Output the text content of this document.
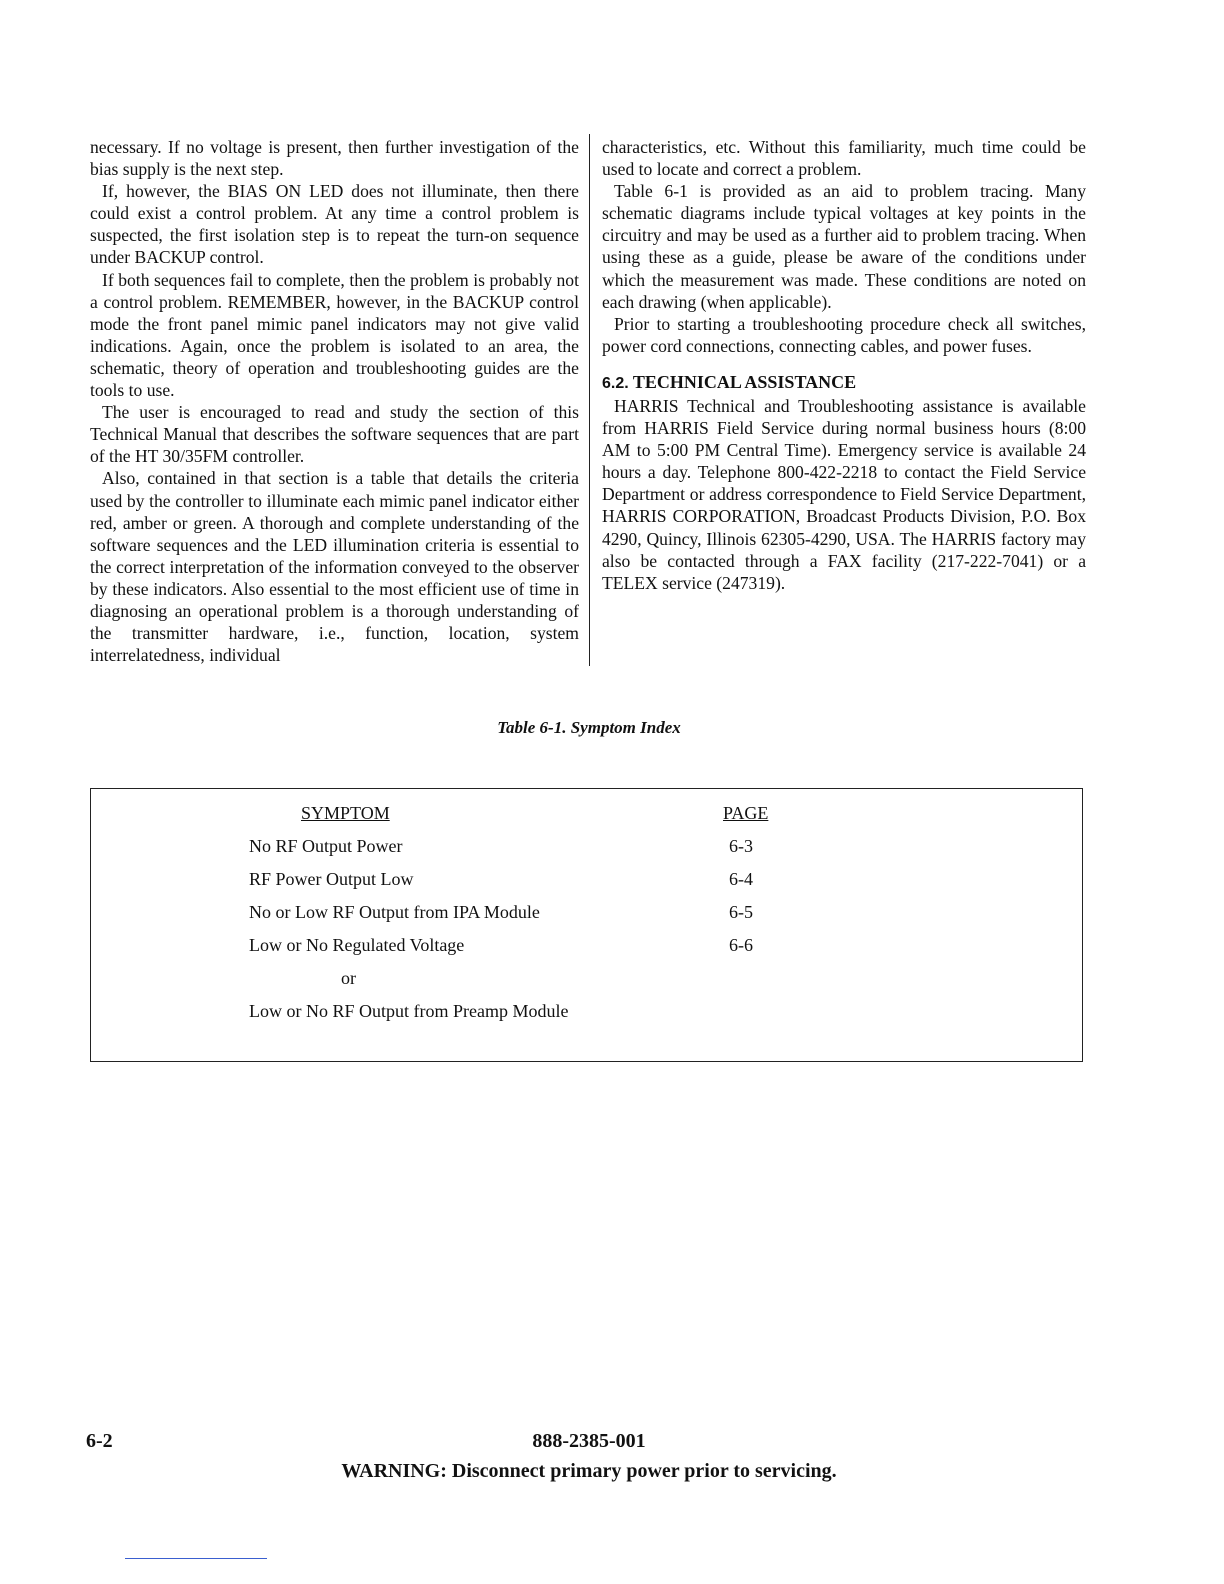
necessary. If no voltage is present, then further investigation of the bias supply is the next step.

If, however, the BIAS ON LED does not illuminate, then there could exist a control problem. At any time a control problem is suspected, the first isolation step is to repeat the turn-on sequence under BACKUP control.

If both sequences fail to complete, then the problem is probably not a control problem. REMEMBER, however, in the BACKUP control mode the front panel mimic panel indicators may not give valid indications. Again, once the problem is isolated to an area, the schematic, theory of operation and troubleshooting guides are the tools to use.

The user is encouraged to read and study the section of this Technical Manual that describes the software sequences that are part of the HT 30/35FM controller.

Also, contained in that section is a table that details the criteria used by the controller to illuminate each mimic panel indicator either red, amber or green. A thorough and complete understanding of the software sequences and the LED illumination criteria is essential to the correct interpretation of the information conveyed to the observer by these indicators. Also essential to the most efficient use of time in diagnosing an operational problem is a thorough understanding of the transmitter hardware, i.e., function, location, system interrelatedness, individual

characteristics, etc. Without this familiarity, much time could be used to locate and correct a problem.

Table 6-1 is provided as an aid to problem tracing. Many schematic diagrams include typical voltages at key points in the circuitry and may be used as a further aid to problem tracing. When using these as a guide, please be aware of the conditions under which the measurement was made. These conditions are noted on each drawing (when applicable).

Prior to starting a troubleshooting procedure check all switches, power cord connections, connecting cables, and power fuses.

6.2. TECHNICAL ASSISTANCE

HARRIS Technical and Troubleshooting assistance is available from HARRIS Field Service during normal business hours (8:00 AM to 5:00 PM Central Time). Emergency service is available 24 hours a day. Telephone 800-422-2218 to contact the Field Service Department or address correspondence to Field Service Department, HARRIS CORPORATION, Broadcast Products Division, P.O. Box 4290, Quincy, Illinois 62305-4290, USA. The HARRIS factory may also be contacted through a FAX facility (217-222-7041) or a TELEX service (247319).

Table 6-1. Symptom Index
SYMPTOM	PAGE
No RF Output Power	6-3
RF Power Output Low	6-4
No or Low RF Output from IPA Module	6-5
Low or No Regulated Voltage	6-6
or
Low or No RF Output from Preamp Module
6-2	888-2385-001
WARNING: Disconnect primary power prior to servicing.
